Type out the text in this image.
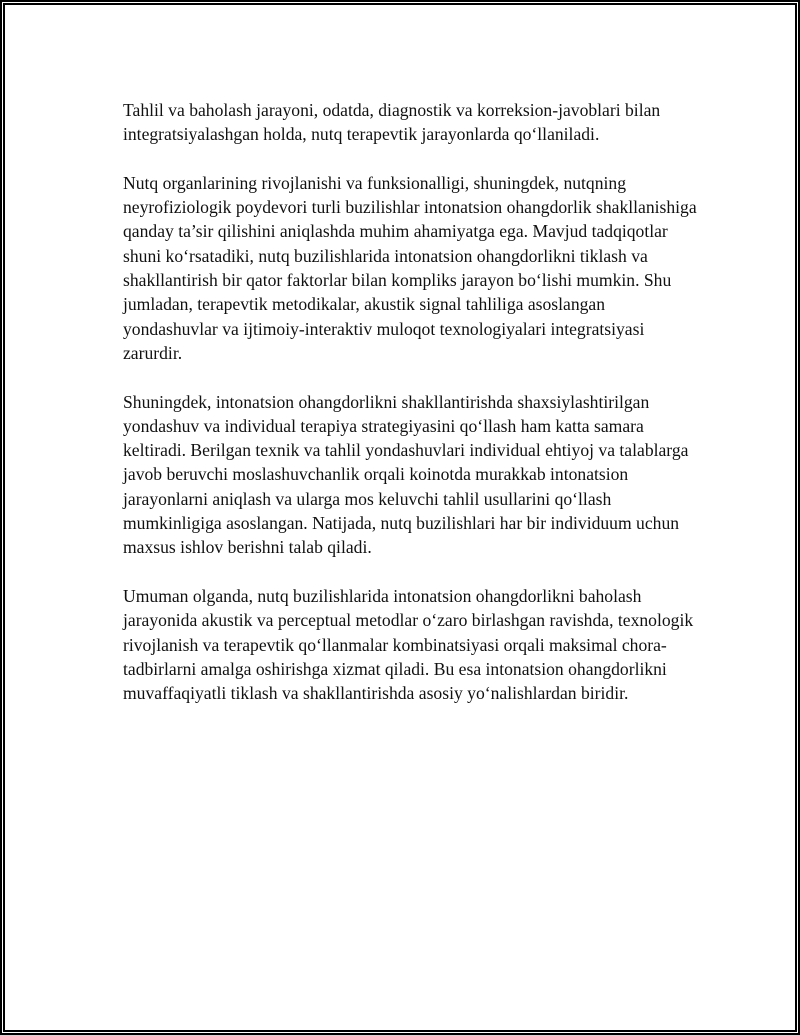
Tahlil va baholash jarayoni, odatda, diagnostik va korreksion-javoblari bilan integratsiyalashgan holda, nutq terapevtik jarayonlarda qo‘llaniladi.

Nutq organlarining rivojlanishi va funksionalligi, shuningdek, nutqning neyrofiziologik poydevori turli buzilishlar intonatsion ohangdorlik shakllanishiga qanday ta’sir qilishini aniqlashda muhim ahamiyatga ega. Mavjud tadqiqotlar shuni ko‘rsatadiki, nutq buzilishlarida intonatsion ohangdorlikni tiklash va shakllantirish bir qator faktorlar bilan kompliks jarayon bo‘lishi mumkin. Shu jumladan, terapevtik metodikalar, akustik signal tahliliga asoslangan yondashuvlar va ijtimoiy-interaktiv muloqot texnologiyalari integratsiyasi zarurdir.

Shuningdek, intonatsion ohangdorlikni shakllantirishda shaxsiylashtirilgan yondashuv va individual terapiya strategiyasini qo‘llash ham katta samara keltiradi. Berilgan texnik va tahlil yondashuvlari individual ehtiyoj va talablarga javob beruvchi moslashuvchanlik orqali koinotda murakkab intonatsion jarayonlarni aniqlash va ularga mos keluvchi tahlil usullarini qo‘llash mumkinligiga asoslangan. Natijada, nutq buzilishlari har bir individuum uchun maxsus ishlov berishni talab qiladi.

Umuman olganda, nutq buzilishlarida intonatsion ohangdorlikni baholash jarayonida akustik va perceptual metodlar o‘zaro birlashgan ravishda, texnologik rivojlanish va terapevtik qo‘llanmalar kombinatsiyasi orqali maksimal chora-tadbirlarni amalga oshirishga xizmat qiladi. Bu esa intonatsion ohangdorlikni muvaffaqiyatli tiklash va shakllantirishda asosiy yo‘nalishlardan biridir.
